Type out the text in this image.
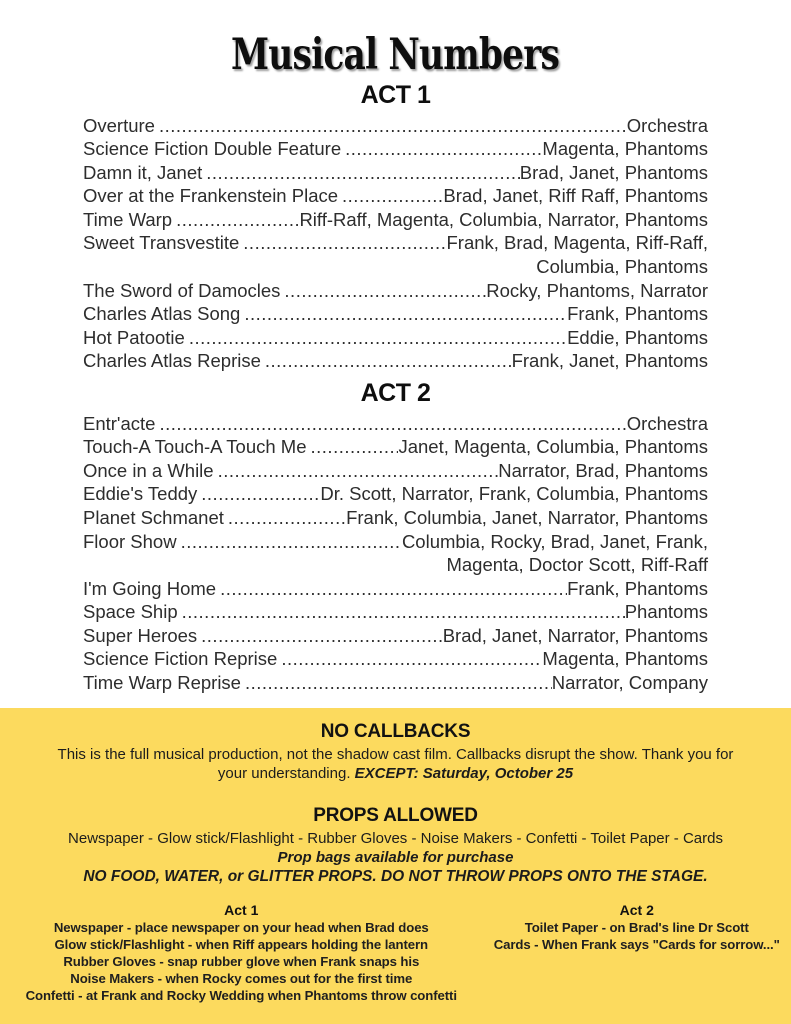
Musical Numbers
ACT 1
Overture .....	Orchestra
Science Fiction Double Feature .....	Magenta, Phantoms
Damn it, Janet .....	Brad, Janet, Phantoms
Over at the Frankenstein Place .....	Brad, Janet, Riff Raff, Phantoms
Time Warp .....	Riff-Raff, Magenta, Columbia, Narrator, Phantoms
Sweet Transvestite .....	Frank, Brad, Magenta, Riff-Raff,
Columbia, Phantoms
The Sword of Damocles .....	Rocky, Phantoms, Narrator
Charles Atlas Song .....	Frank, Phantoms
Hot Patootie .....	Eddie, Phantoms
Charles Atlas Reprise .....	Frank, Janet, Phantoms
ACT 2
Entr'acte .....	Orchestra
Touch-A Touch-A Touch Me .....	Janet, Magenta, Columbia, Phantoms
Once in a While .....	Narrator, Brad, Phantoms
Eddie's Teddy .....	Dr. Scott, Narrator, Frank, Columbia, Phantoms
Planet Schmanet .....	Frank, Columbia, Janet, Narrator, Phantoms
Floor Show .....	Columbia, Rocky, Brad, Janet, Frank,
Magenta, Doctor Scott, Riff-Raff
I'm Going Home .....	Frank, Phantoms
Space Ship .....	Phantoms
Super Heroes .....	Brad, Janet, Narrator, Phantoms
Science Fiction Reprise .....	Magenta, Phantoms
Time Warp Reprise .....	Narrator, Company
NO CALLBACKS

This is the full musical production, not the shadow cast film. Callbacks disrupt the show. Thank you for your understanding. EXCEPT: Saturday, October 25

PROPS ALLOWED

Newspaper - Glow stick/Flashlight - Rubber Gloves - Noise Makers - Confetti - Toilet Paper - Cards

Prop bags available for purchase

NO FOOD, WATER, or GLITTER PROPS. DO NOT THROW PROPS ONTO THE STAGE.

Act 1
Newspaper - place newspaper on your head when Brad does
Glow stick/Flashlight - when Riff appears holding the lantern
Rubber Gloves - snap rubber glove when Frank snaps his
Noise Makers - when Rocky comes out for the first time
Confetti - at Frank and Rocky Wedding when Phantoms throw confetti
Act 2
Toilet Paper - on Brad's line Dr Scott
Cards - When Frank says "Cards for sorrow..."
